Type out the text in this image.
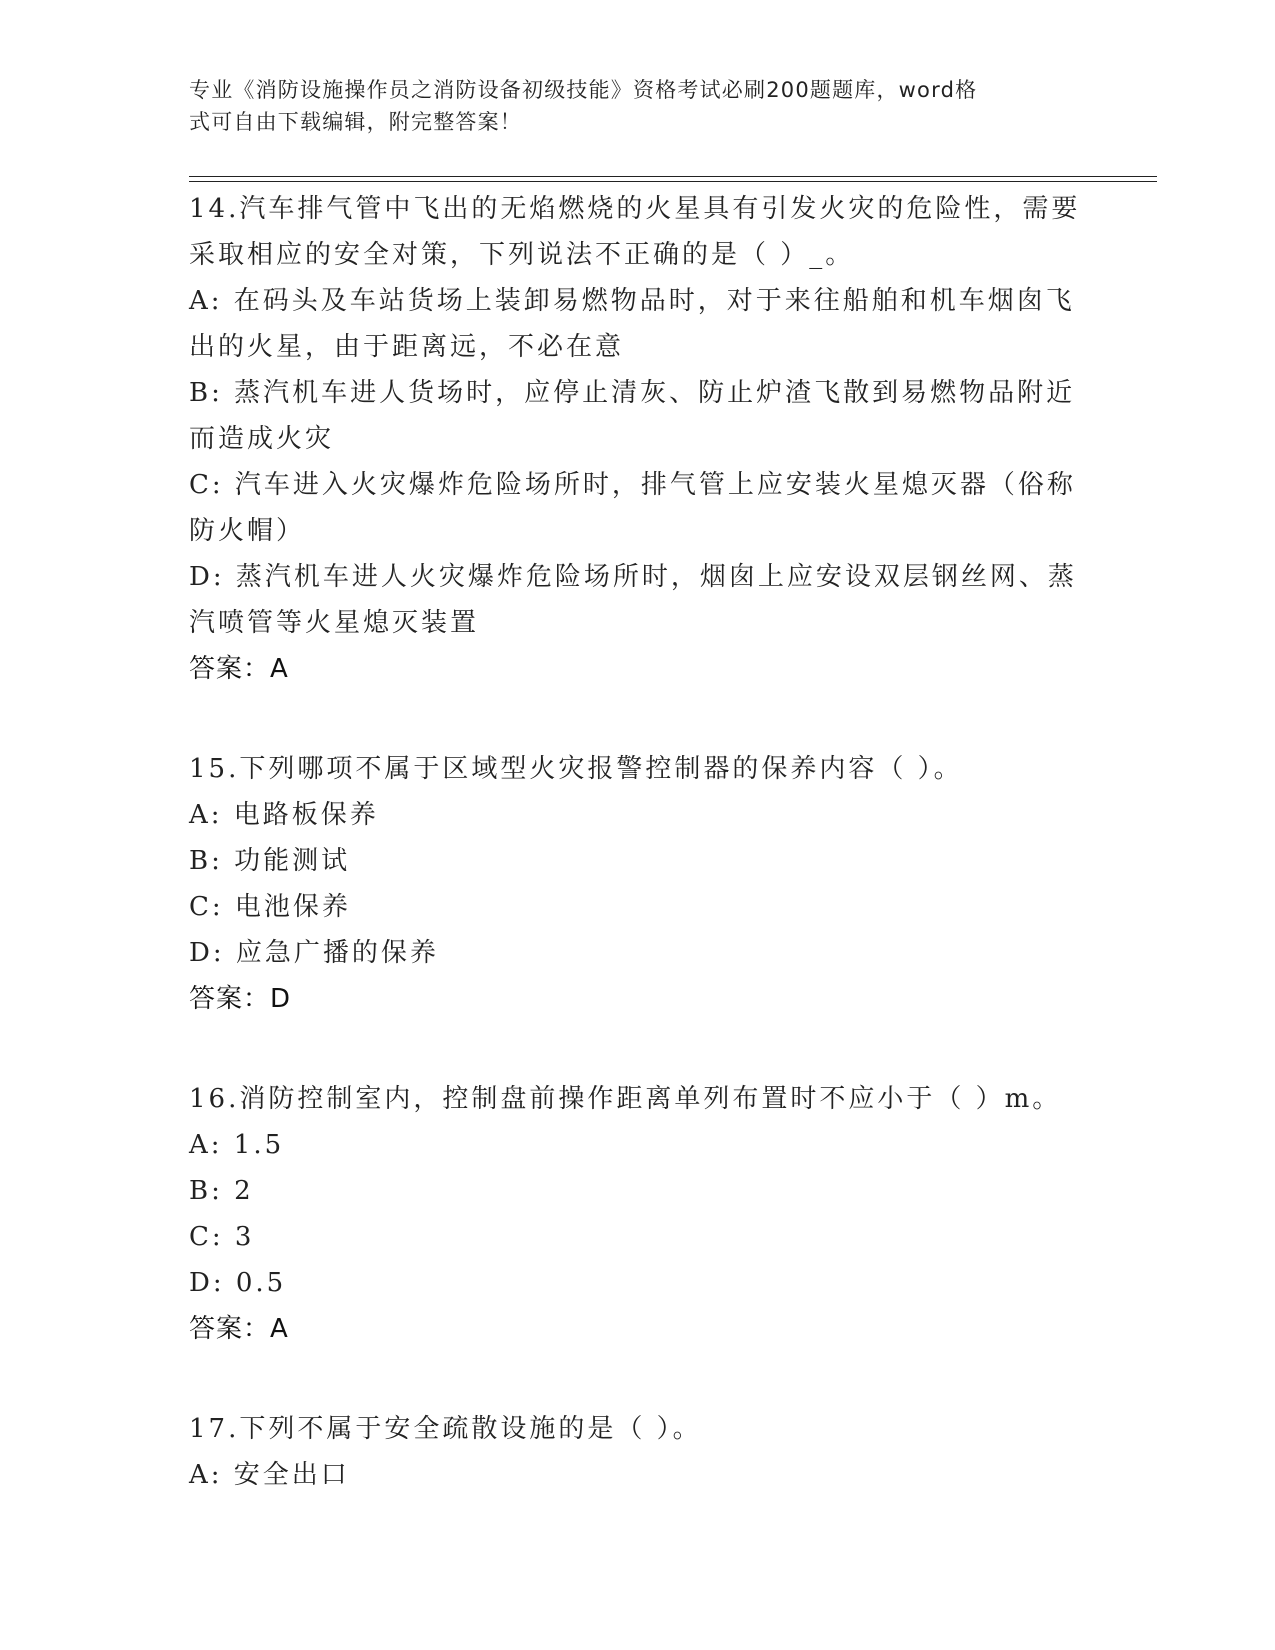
专业《消防设施操作员之消防设备初级技能》资格考试必刷200题题库，word格
式可自由下载编辑，附完整答案！
14.汽车排气管中飞出的无焰燃烧的火星具有引发火灾的危险性，需要
采取相应的安全对策，下列说法不正确的是（ ）_。
A: 在码头及车站货场上装卸易燃物品时，对于来往船舶和机车烟囱飞
出的火星，由于距离远，不必在意
B: 蒸汽机车进人货场时，应停止清灰、防止炉渣飞散到易燃物品附近
而造成火灾
C: 汽车进入火灾爆炸危险场所时，排气管上应安装火星熄灭器（俗称
防火帽）
D: 蒸汽机车进人火灾爆炸危险场所时，烟囱上应安设双层钢丝网、蒸
汽喷管等火星熄灭装置
答案：A
15.下列哪项不属于区域型火灾报警控制器的保养内容（ ）。
A: 电路板保养
B: 功能测试
C: 电池保养
D: 应急广播的保养
答案：D
16.消防控制室内，控制盘前操作距离单列布置时不应小于（ ）m。
A: 1.5
B: 2
C: 3
D: 0.5
答案：A
17.下列不属于安全疏散设施的是（ ）。
A: 安全出口
